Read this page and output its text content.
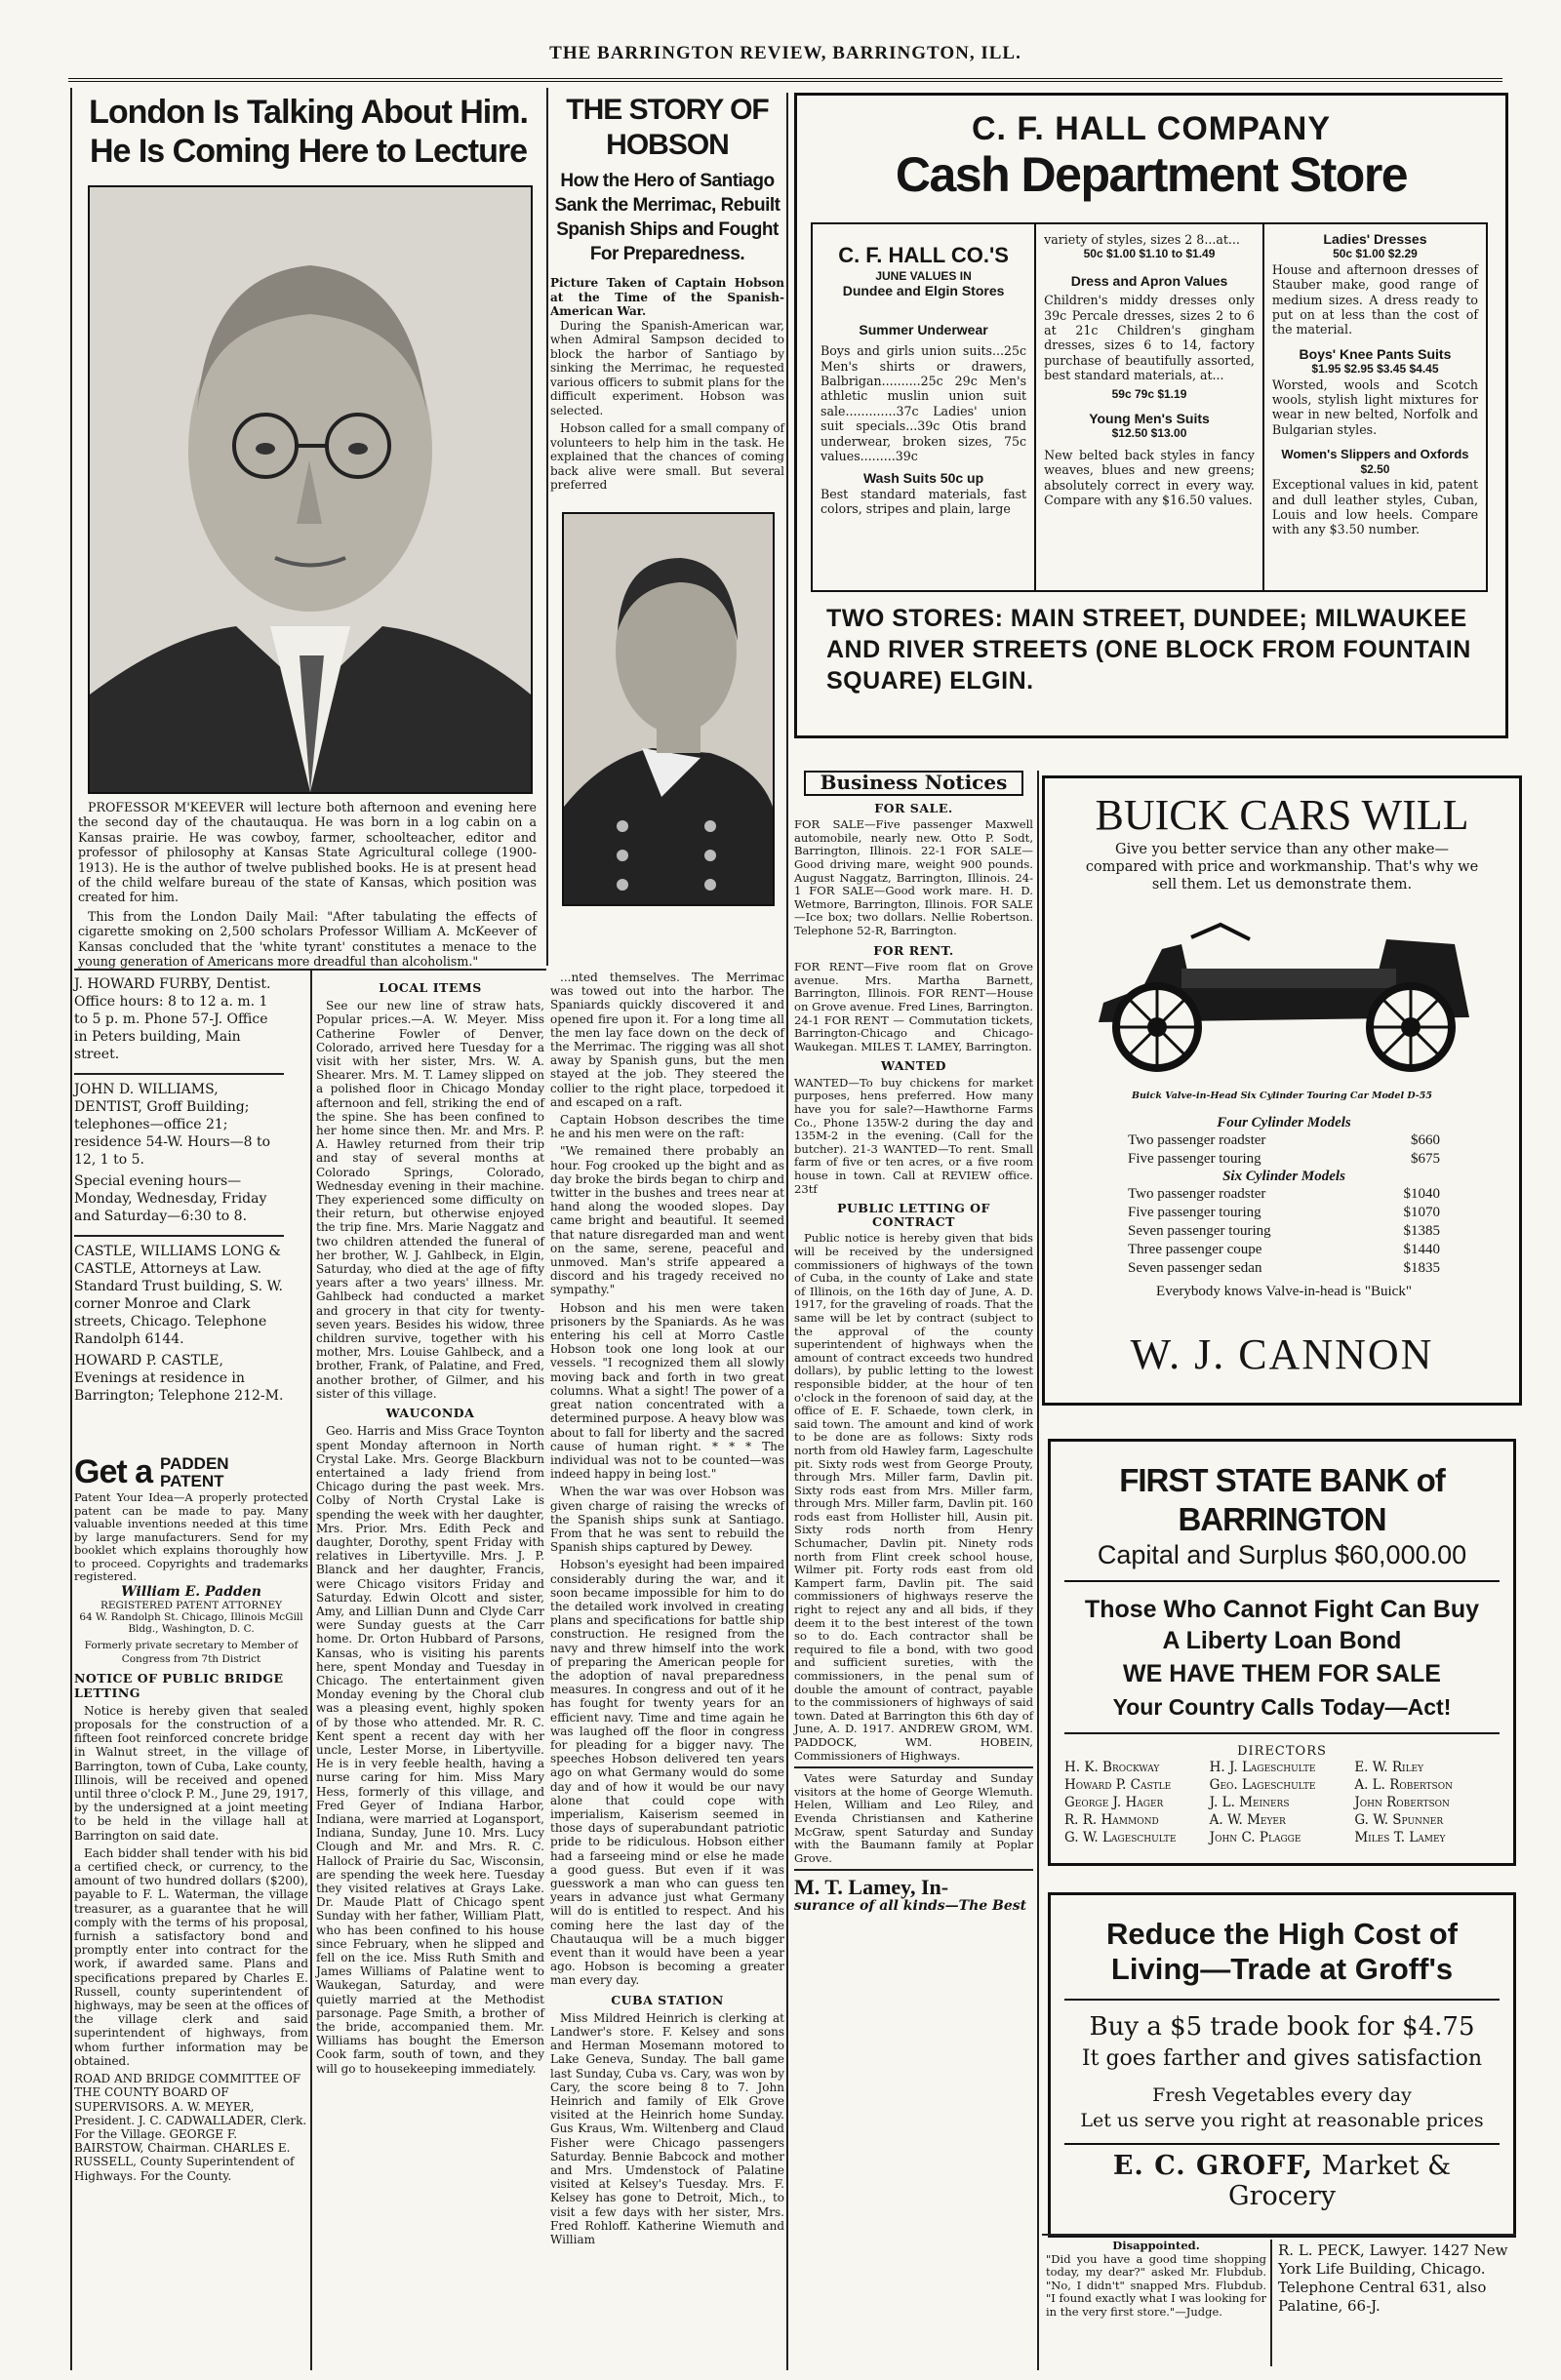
THE BARRINGTON REVIEW, BARRINGTON, ILL.
London Is Talking About Him.
He Is Coming Here to Lecture

PROFESSOR M'KEEVER will lecture both afternoon and evening here the second day of the chautauqua. He was born in a log cabin on a Kansas prairie. He was cowboy, farmer, schoolteacher, editor and professor of philosophy at Kansas State Agricultural college (1900-1913). He is the author of twelve published books. He is at present head of the child welfare bureau of the state of Kansas, which position was created for him.

This from the London Daily Mail: "After tabulating the effects of cigarette smoking on 2,500 scholars Professor William A. McKeever of Kansas concluded that the 'white tyrant' constitutes a menace to the young generation of Americans more dreadful than alcoholism."

THE STORY OF HOBSON
How the Hero of Santiago Sank the Merrimac, Rebuilt Spanish Ships and Fought For Preparedness.
Picture Taken of Captain Hobson at the Time of the Spanish-American War.

During the Spanish-American war, when Admiral Sampson decided to block the harbor of Santiago by sinking the Merrimac, he requested various officers to submit plans for the difficult experiment. Hobson was selected.

Hobson called for a small company of volunteers to help him in the task. He explained that the chances of coming back alive were small. But several preferred

C. F. HALL COMPANY
Cash Department Store
C. F. HALL CO.'S
JUNE VALUES IN
Dundee and Elgin Stores
Summer Underwear

Boys and girls union suits...25c Men's shirts or drawers, Balbrigan..........25c 29c Men's athletic muslin union suit sale.............37c Ladies' union suit specials...39c Otis brand underwear, broken sizes, 75c values.........39c

Wash Suits 50c up

Best standard materials, fast colors, stripes and plain, large

variety of styles, sizes 2 8...at...

50c $1.00 $1.10 to $1.49
Dress and Apron Values

Children's middy dresses only 39c Percale dresses, sizes 2 to 6 at 21c Children's gingham dresses, sizes 6 to 14, factory purchase of beautifully assorted, best standard materials, at...

59c 79c $1.19
Young Men's Suits
$12.50 $13.00

New belted back styles in fancy weaves, blues and new greens; absolutely correct in every way. Compare with any $16.50 values.

Ladies' Dresses
50c $1.00 $2.29

House and afternoon dresses of Stauber make, good range of medium sizes. A dress ready to put on at less than the cost of the material.

Boys' Knee Pants Suits
$1.95 $2.95 $3.45 $4.45

Worsted, wools and Scotch wools, stylish light mixtures for wear in new belted, Norfolk and Bulgarian styles.

Women's Slippers and Oxfords
$2.50

Exceptional values in kid, patent and dull leather styles, Cuban, Louis and low heels. Compare with any $3.50 number.

TWO STORES: MAIN STREET, DUNDEE; MILWAUKEE AND RIVER STREETS (ONE BLOCK FROM FOUNTAIN SQUARE) ELGIN.

J. HOWARD FURBY, Dentist. Office hours: 8 to 12 a. m. 1 to 5 p. m. Phone 57-J. Office in Peters building, Main street.

JOHN D. WILLIAMS, DENTIST, Groff Building; telephones—office 21; residence 54-W. Hours—8 to 12, 1 to 5.

Special evening hours—Monday, Wednesday, Friday and Saturday—6:30 to 8.

CASTLE, WILLIAMS LONG & CASTLE, Attorneys at Law. Standard Trust building, S. W. corner Monroe and Clark streets, Chicago. Telephone Randolph 6144.

HOWARD P. CASTLE, Evenings at residence in Barrington; Telephone 212-M.

Get a PADDEN PATENT
Patent Your Idea—A properly protected patent can be made to pay. Many valuable inventions needed at this time by large manufacturers. Send for my booklet which explains thoroughly how to proceed. Copyrights and trademarks registered.
William E. Padden
REGISTERED PATENT ATTORNEY
64 W. Randolph St. Chicago, Illinois McGill Bldg., Washington, D. C.
Formerly private secretary to Member of Congress from 7th District
NOTICE OF PUBLIC BRIDGE LETTING

Notice is hereby given that sealed proposals for the construction of a fifteen foot reinforced concrete bridge in Walnut street, in the village of Barrington, town of Cuba, Lake county, Illinois, will be received and opened until three o'clock P. M., June 29, 1917, by the undersigned at a joint meeting to be held in the village hall at Barrington on said date.

Each bidder shall tender with his bid a certified check, or currency, to the amount of two hundred dollars ($200), payable to F. L. Waterman, the village treasurer, as a guarantee that he will comply with the terms of his proposal, furnish a satisfactory bond and promptly enter into contract for the work, if awarded same. Plans and specifications prepared by Charles E. Russell, county superintendent of highways, may be seen at the offices of the village clerk and said superintendent of highways, from whom further information may be obtained.

ROAD AND BRIDGE COMMITTEE OF THE COUNTY BOARD OF SUPERVISORS. A. W. MEYER, President. J. C. CADWALLADER, Clerk. For the Village. GEORGE F. BAIRSTOW, Chairman. CHARLES E. RUSSELL, County Superintendent of Highways. For the County.

LOCAL ITEMS

See our new line of straw hats, Popular prices.—A. W. Meyer. Miss Catherine Fowler of Denver, Colorado, arrived here Tuesday for a visit with her sister, Mrs. W. A. Shearer. Mrs. M. T. Lamey slipped on a polished floor in Chicago Monday afternoon and fell, striking the end of the spine. She has been confined to her home since then. Mr. and Mrs. P. A. Hawley returned from their trip and stay of several months at Colorado Springs, Colorado, Wednesday evening in their machine. They experienced some difficulty on their return, but otherwise enjoyed the trip fine. Mrs. Marie Naggatz and two children attended the funeral of her brother, W. J. Gahlbeck, in Elgin, Saturday, who died at the age of fifty years after a two years' illness. Mr. Gahlbeck had conducted a market and grocery in that city for twenty-seven years. Besides his widow, three children survive, together with his mother, Mrs. Louise Gahlbeck, and a brother, Frank, of Palatine, and Fred, another brother, of Gilmer, and his sister of this village.

WAUCONDA

Geo. Harris and Miss Grace Toynton spent Monday afternoon in North Crystal Lake. Mrs. George Blackburn entertained a lady friend from Chicago during the past week. Mrs. Colby of North Crystal Lake is spending the week with her daughter, Mrs. Prior. Mrs. Edith Peck and daughter, Dorothy, spent Friday with relatives in Libertyville. Mrs. J. P. Blanck and her daughter, Francis, were Chicago visitors Friday and Saturday. Edwin Olcott and sister, Amy, and Lillian Dunn and Clyde Carr were Sunday guests at the Carr home. Dr. Orton Hubbard of Parsons, Kansas, who is visiting his parents here, spent Monday and Tuesday in Chicago. The entertainment given Monday evening by the Choral club was a pleasing event, highly spoken of by those who attended. Mr. R. C. Kent spent a recent day with her uncle, Lester Morse, in Libertyville. He is in very feeble health, having a nurse caring for him. Miss Mary Hess, formerly of this village, and Fred Geyer of Indiana Harbor, Indiana, were married at Logansport, Indiana, Sunday, June 10. Mrs. Lucy Clough and Mr. and Mrs. R. C. Hallock of Prairie du Sac, Wisconsin, are spending the week here. Tuesday they visited relatives at Grays Lake. Dr. Maude Platt of Chicago spent Sunday with her father, William Platt, who has been confined to his house since February, when he slipped and fell on the ice. Miss Ruth Smith and James Williams of Palatine went to Waukegan, Saturday, and were quietly married at the Methodist parsonage. Page Smith, a brother of the bride, accompanied them. Mr. Williams has bought the Emerson Cook farm, south of town, and they will go to housekeeping immediately.

...nted themselves. The Merrimac was towed out into the harbor. The Spaniards quickly discovered it and opened fire upon it. For a long time all the men lay face down on the deck of the Merrimac. The rigging was all shot away by Spanish guns, but the men stayed at the job. They steered the collier to the right place, torpedoed it and escaped on a raft.

Captain Hobson describes the time he and his men were on the raft:

"We remained there probably an hour. Fog crooked up the bight and as day broke the birds began to chirp and twitter in the bushes and trees near at hand along the wooded slopes. Day came bright and beautiful. It seemed that nature disregarded man and went on the same, serene, peaceful and unmoved. Man's strife appeared a discord and his tragedy received no sympathy."

Hobson and his men were taken prisoners by the Spaniards. As he was entering his cell at Morro Castle Hobson took one long look at our vessels. "I recognized them all slowly moving back and forth in two great columns. What a sight! The power of a great nation concentrated with a determined purpose. A heavy blow was about to fall for liberty and the sacred cause of human right. * * * The individual was not to be counted—was indeed happy in being lost."

When the war was over Hobson was given charge of raising the wrecks of the Spanish ships sunk at Santiago. From that he was sent to rebuild the Spanish ships captured by Dewey.

Hobson's eyesight had been impaired considerably during the war, and it soon became impossible for him to do the detailed work involved in creating plans and specifications for battle ship construction. He resigned from the navy and threw himself into the work of preparing the American people for the adoption of naval preparedness measures. In congress and out of it he has fought for twenty years for an efficient navy. Time and time again he was laughed off the floor in congress for pleading for a bigger navy. The speeches Hobson delivered ten years ago on what Germany would do some day and of how it would be our navy alone that could cope with imperialism, Kaiserism seemed in those days of superabundant patriotic pride to be ridiculous. Hobson either had a farseeing mind or else he made a good guess. But even if it was guesswork a man who can guess ten years in advance just what Germany will do is entitled to respect. And his coming here the last day of the Chautauqua will be a much bigger event than it would have been a year ago. Hobson is becoming a greater man every day.

CUBA STATION

Miss Mildred Heinrich is clerking at Landwer's store. F. Kelsey and sons and Herman Mosemann motored to Lake Geneva, Sunday. The ball game last Sunday, Cuba vs. Cary, was won by Cary, the score being 8 to 7. John Heinrich and family of Elk Grove visited at the Heinrich home Sunday. Gus Kraus, Wm. Wiltenberg and Claud Fisher were Chicago passengers Saturday. Bennie Babcock and mother and Mrs. Umdenstock of Palatine visited at Kelsey's Tuesday. Mrs. F. Kelsey has gone to Detroit, Mich., to visit a few days with her sister, Mrs. Fred Rohloff. Katherine Wiemuth and William

Business Notices
FOR SALE.

FOR SALE—Five passenger Maxwell automobile, nearly new. Otto P. Sodt, Barrington, Illinois. 22-1 FOR SALE—Good driving mare, weight 900 pounds. August Naggatz, Barrington, Illinois. 24-1 FOR SALE—Good work mare. H. D. Wetmore, Barrington, Illinois. FOR SALE—Ice box; two dollars. Nellie Robertson. Telephone 52-R, Barrington.

FOR RENT.

FOR RENT—Five room flat on Grove avenue. Mrs. Martha Barnett, Barrington, Illinois. FOR RENT—House on Grove avenue. Fred Lines, Barrington. 24-1 FOR RENT — Commutation tickets, Barrington-Chicago and Chicago-Waukegan. MILES T. LAMEY, Barrington.

WANTED

WANTED—To buy chickens for market purposes, hens preferred. How many have you for sale?—Hawthorne Farms Co., Phone 135W-2 during the day and 135M-2 in the evening. (Call for the butcher). 21-3 WANTED—To rent. Small farm of five or ten acres, or a five room house in town. Call at REVIEW office. 23tf

PUBLIC LETTING OF CONTRACT

Public notice is hereby given that bids will be received by the undersigned commissioners of highways of the town of Cuba, in the county of Lake and state of Illinois, on the 16th day of June, A. D. 1917, for the graveling of roads. That the same will be let by contract (subject to the approval of the county superintendent of highways when the amount of contract exceeds two hundred dollars), by public letting to the lowest responsible bidder, at the hour of ten o'clock in the forenoon of said day, at the office of E. F. Schaede, town clerk, in said town. The amount and kind of work to be done are as follows: Sixty rods north from old Hawley farm, Lageschulte pit. Sixty rods west from George Prouty, through Mrs. Miller farm, Davlin pit. Sixty rods east from Mrs. Miller farm, through Mrs. Miller farm, Davlin pit. 160 rods east from Hollister hill, Ausin pit. Sixty rods north from Henry Schumacher, Davlin pit. Ninety rods north from Flint creek school house, Wilmer pit. Forty rods east from old Kampert farm, Davlin pit. The said commissioners of highways reserve the right to reject any and all bids, if they deem it to the best interest of the town so to do. Each contractor shall be required to file a bond, with two good and sufficient sureties, with the commissioners, in the penal sum of double the amount of contract, payable to the commissioners of highways of said town. Dated at Barrington this 6th day of June, A. D. 1917. ANDREW GROM, WM. PADDOCK, WM. HOBEIN, Commissioners of Highways.

Vates were Saturday and Sunday visitors at the home of George Wlemuth. Helen, William and Leo Riley, and Evenda Christiansen and Katherine McGraw, spent Saturday and Sunday with the Baumann family at Poplar Grove.

M. T. Lamey, In-
surance of all kinds—The Best
BUICK CARS WILL
Give you better service than any other make—compared with price and workmanship. That's why we sell them. Let us demonstrate them.
Buick Valve-in-Head Six Cylinder Touring Car Model D-55
Four Cylinder Models
Two passenger roadster	$660
Five passenger touring	$675
Six Cylinder Models
Two passenger roadster	$1040
Five passenger touring	$1070
Seven passenger touring	$1385
Three passenger coupe	$1440
Seven passenger sedan	$1835
Everybody knows Valve-in-head is "Buick"
W. J. CANNON
FIRST STATE BANK of BARRINGTON
Capital and Surplus $60,000.00
Those Who Cannot Fight Can Buy
A Liberty Loan Bond
WE HAVE THEM FOR SALE
Your Country Calls Today—Act!
DIRECTORS
H. K. Brockway	H. J. Lageschulte	E. W. Riley
Howard P. Castle	Geo. Lageschulte	A. L. Robertson
George J. Hager	J. L. Meiners	John Robertson
R. R. Hammond	A. W. Meyer	G. W. Spunner
G. W. Lageschulte	John C. Plagge	Miles T. Lamey
Reduce the High Cost of
Living—Trade at Groff's
Buy a $5 trade book for $4.75
It goes farther and gives satisfaction
Fresh Vegetables every day
Let us serve you right at reasonable prices
E. C. GROFF, Market & Grocery
Disappointed.

"Did you have a good time shopping today, my dear?" asked Mr. Flubdub. "No, I didn't" snapped Mrs. Flubdub. "I found exactly what I was looking for in the very first store."—Judge.

R. L. PECK, Lawyer. 1427 New York Life Building, Chicago. Telephone Central 631, also Palatine, 66-J.
